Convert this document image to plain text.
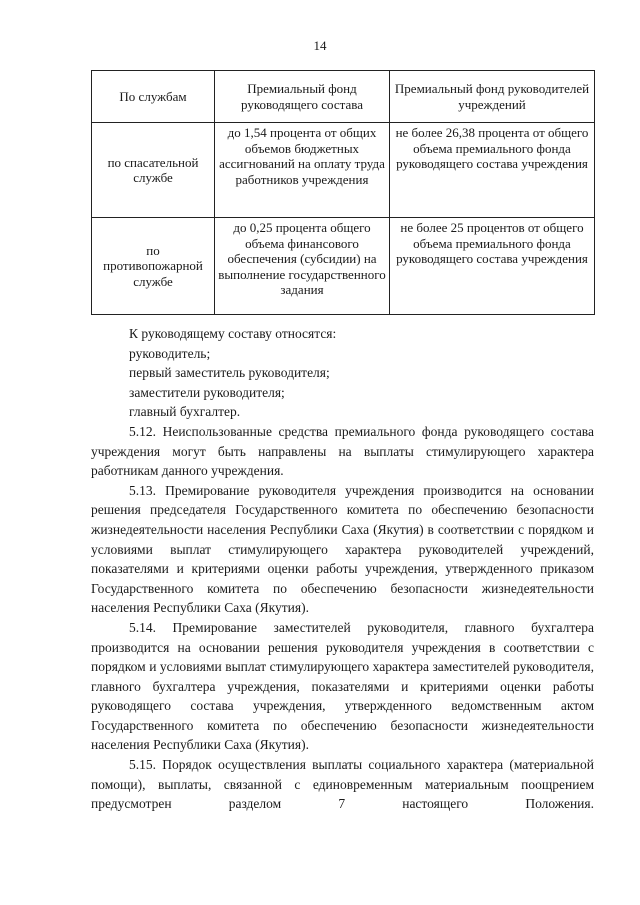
14
По службам	Премиальный фонд руководящего состава	Премиальный фонд руководителей учреждений
по спасательной службе	до 1,54 процента от общих объемов бюджетных ассигнований на оплату труда работников учреждения	не более 26,38 процента от общего объема премиального фонда руководящего состава учреждения
по противопожарной службе	до 0,25 процента общего объема финансового обеспечения (субсидии) на выполнение государственного задания	не более 25 процентов от общего объема премиального фонда руководящего состава учреждения

К руководящему составу относятся:

руководитель;

первый заместитель руководителя;

заместители руководителя;

главный бухгалтер.

5.12. Неиспользованные средства премиального фонда руководящего состава учреждения могут быть направлены на выплаты стимулирующего характера работникам данного учреждения.

5.13. Премирование руководителя учреждения производится на основании решения председателя Государственного комитета по обеспечению безопасности жизнедеятельности населения Республики Саха (Якутия) в соответствии с порядком и условиями выплат стимулирующего характера руководителей учреждений, показателями и критериями оценки работы учреждения, утвержденного приказом Государственного комитета по обеспечению безопасности жизнедеятельности населения Республики Саха (Якутия).

5.14. Премирование заместителей руководителя, главного бухгалтера производится на основании решения руководителя учреждения в соответствии с порядком и условиями выплат стимулирующего характера заместителей руководителя, главного бухгалтера учреждения, показателями и критериями оценки работы руководящего состава учреждения, утвержденного ведомственным актом Государственного комитета по обеспечению безопасности жизнедеятельности населения Республики Саха (Якутия).

5.15. Порядок осуществления выплаты социального характера (материальной помощи), выплаты, связанной с единовременным материальным поощрением предусмотрен разделом 7 настоящего Положения.
